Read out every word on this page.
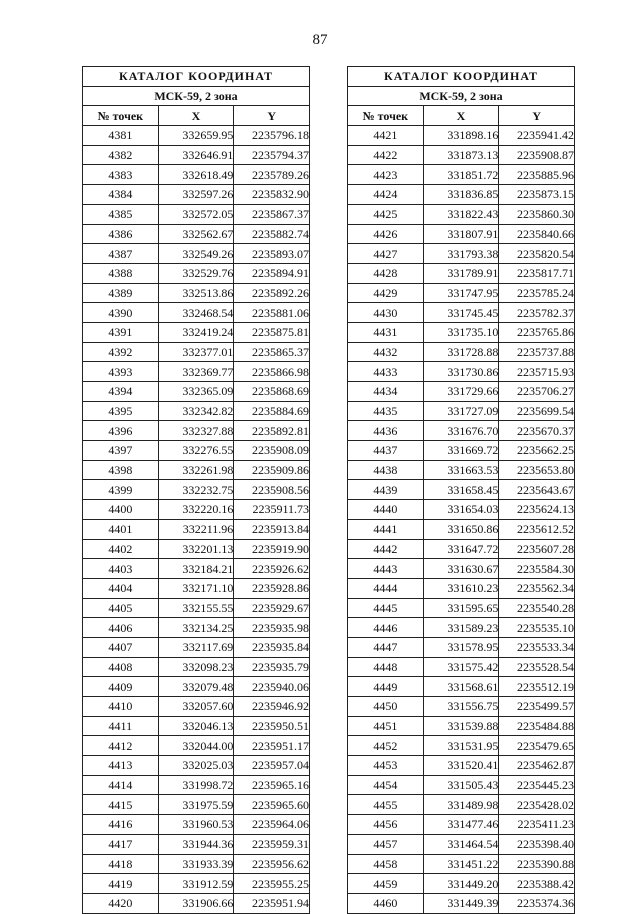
87
КАТАЛОГ КООРДИНАТ		
МСК-59, 2 зона		
№ точек	X	Y
4381	332659.95	2235796.18
4382	332646.91	2235794.37
4383	332618.49	2235789.26
4384	332597.26	2235832.90
4385	332572.05	2235867.37
4386	332562.67	2235882.74
4387	332549.26	2235893.07
4388	332529.76	2235894.91
4389	332513.86	2235892.26
4390	332468.54	2235881.06
4391	332419.24	2235875.81
4392	332377.01	2235865.37
4393	332369.77	2235866.98
4394	332365.09	2235868.69
4395	332342.82	2235884.69
4396	332327.88	2235892.81
4397	332276.55	2235908.09
4398	332261.98	2235909.86
4399	332232.75	2235908.56
4400	332220.16	2235911.73
4401	332211.96	2235913.84
4402	332201.13	2235919.90
4403	332184.21	2235926.62
4404	332171.10	2235928.86
4405	332155.55	2235929.67
4406	332134.25	2235935.98
4407	332117.69	2235935.84
4408	332098.23	2235935.79
4409	332079.48	2235940.06
4410	332057.60	2235946.92
4411	332046.13	2235950.51
4412	332044.00	2235951.17
4413	332025.03	2235957.04
4414	331998.72	2235965.16
4415	331975.59	2235965.60
4416	331960.53	2235964.06
4417	331944.36	2235959.31
4418	331933.39	2235956.62
4419	331912.59	2235955.25
4420	331906.66	2235951.94
КАТАЛОГ КООРДИНАТ		
МСК-59, 2 зона		
№ точек	X	Y
4421	331898.16	2235941.42
4422	331873.13	2235908.87
4423	331851.72	2235885.96
4424	331836.85	2235873.15
4425	331822.43	2235860.30
4426	331807.91	2235840.66
4427	331793.38	2235820.54
4428	331789.91	2235817.71
4429	331747.95	2235785.24
4430	331745.45	2235782.37
4431	331735.10	2235765.86
4432	331728.88	2235737.88
4433	331730.86	2235715.93
4434	331729.66	2235706.27
4435	331727.09	2235699.54
4436	331676.70	2235670.37
4437	331669.72	2235662.25
4438	331663.53	2235653.80
4439	331658.45	2235643.67
4440	331654.03	2235624.13
4441	331650.86	2235612.52
4442	331647.72	2235607.28
4443	331630.67	2235584.30
4444	331610.23	2235562.34
4445	331595.65	2235540.28
4446	331589.23	2235535.10
4447	331578.95	2235533.34
4448	331575.42	2235528.54
4449	331568.61	2235512.19
4450	331556.75	2235499.57
4451	331539.88	2235484.88
4452	331531.95	2235479.65
4453	331520.41	2235462.87
4454	331505.43	2235445.23
4455	331489.98	2235428.02
4456	331477.46	2235411.23
4457	331464.54	2235398.40
4458	331451.22	2235390.88
4459	331449.20	2235388.42
4460	331449.39	2235374.36
